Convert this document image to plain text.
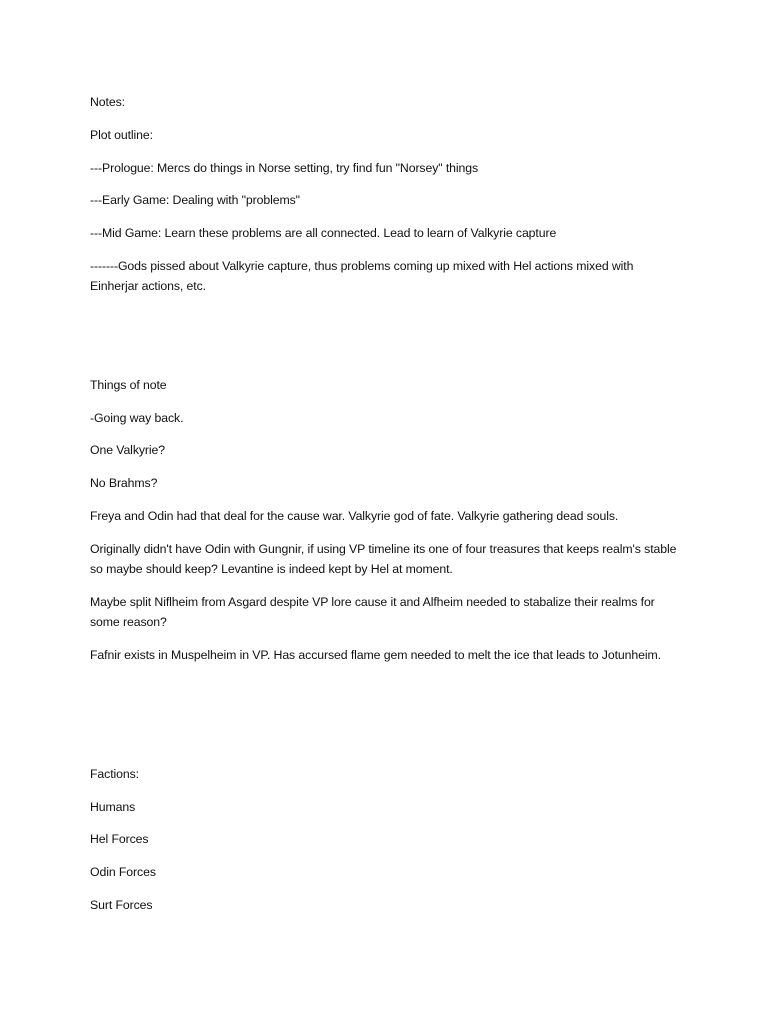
Notes:
Plot outline:
---Prologue: Mercs do things in Norse setting, try find fun "Norsey" things
---Early Game: Dealing with "problems"
---Mid Game: Learn these problems are all connected. Lead to learn of Valkyrie capture
-------Gods pissed about Valkyrie capture, thus problems coming up mixed with Hel actions mixed with Einherjar actions, etc.
Things of note
-Going way back.
One Valkyrie?
No Brahms?
Freya and Odin had that deal for the cause war. Valkyrie god of fate. Valkyrie gathering dead souls.
Originally didn't have Odin with Gungnir, if using VP timeline its one of four treasures that keeps realm's stable so maybe should keep? Levantine is indeed kept by Hel at moment.
Maybe split Niflheim from Asgard despite VP lore cause it and Alfheim needed to stabalize their realms for some reason?
Fafnir exists in Muspelheim in VP. Has accursed flame gem needed to melt the ice that leads to Jotunheim.
Factions:
Humans
Hel Forces
Odin Forces
Surt Forces
